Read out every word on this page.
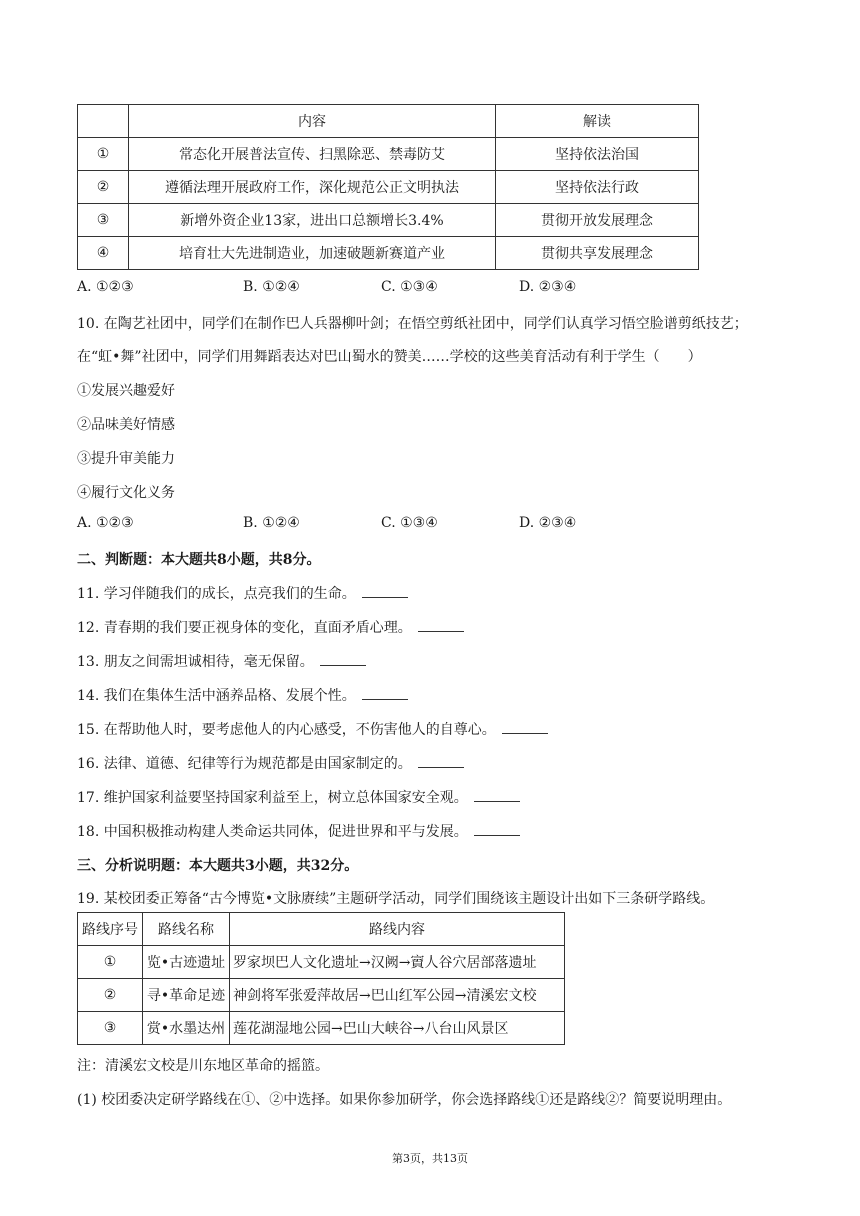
	内容	解读
①	常态化开展普法宣传、扫黑除恶、禁毒防艾	坚持依法治国
②	遵循法理开展政府工作，深化规范公正文明执法	坚持依法行政
③	新增外资企业13家，进出口总额增长3.4%	贯彻开放发展理念
④	培育壮大先进制造业，加速破题新赛道产业	贯彻共享发展理念
A. ①②③	B. ①②④	C. ①③④	D. ②③④
10. 在陶艺社团中，同学们在制作巴人兵器柳叶剑；在悟空剪纸社团中，同学们认真学习悟空脸谱剪纸技艺；
在“虹•舞”社团中，同学们用舞蹈表达对巴山蜀水的赞美……学校的这些美育活动有利于学生（　　）
①发展兴趣爱好
②品味美好情感
③提升审美能力
④履行文化义务
A. ①②③	B. ①②④	C. ①③④	D. ②③④
二、判断题：本大题共8小题，共8分。
11. 学习伴随我们的成长，点亮我们的生命。
12. 青春期的我们要正视身体的变化，直面矛盾心理。
13. 朋友之间需坦诚相待，毫无保留。
14. 我们在集体生活中涵养品格、发展个性。
15. 在帮助他人时，要考虑他人的内心感受，不伤害他人的自尊心。
16. 法律、道德、纪律等行为规范都是由国家制定的。
17. 维护国家利益要坚持国家利益至上，树立总体国家安全观。
18. 中国积极推动构建人类命运共同体，促进世界和平与发展。
三、分析说明题：本大题共3小题，共32分。
19. 某校团委正筹备“古今博览•文脉赓续”主题研学活动，同学们围绕该主题设计出如下三条研学路线。
路线序号	路线名称	路线内容
①	览•古迹遗址	罗家坝巴人文化遗址→汉阙→賨人谷穴居部落遗址
②	寻•革命足迹	神剑将军张爱萍故居→巴山红军公园→清溪宏文校
③	赏•水墨达州	莲花湖湿地公园→巴山大峡谷→八台山风景区
注：清溪宏文校是川东地区革命的摇篮。
(1) 校团委决定研学路线在①、②中选择。如果你参加研学，你会选择路线①还是路线②？简要说明理由。
第3页，共13页
